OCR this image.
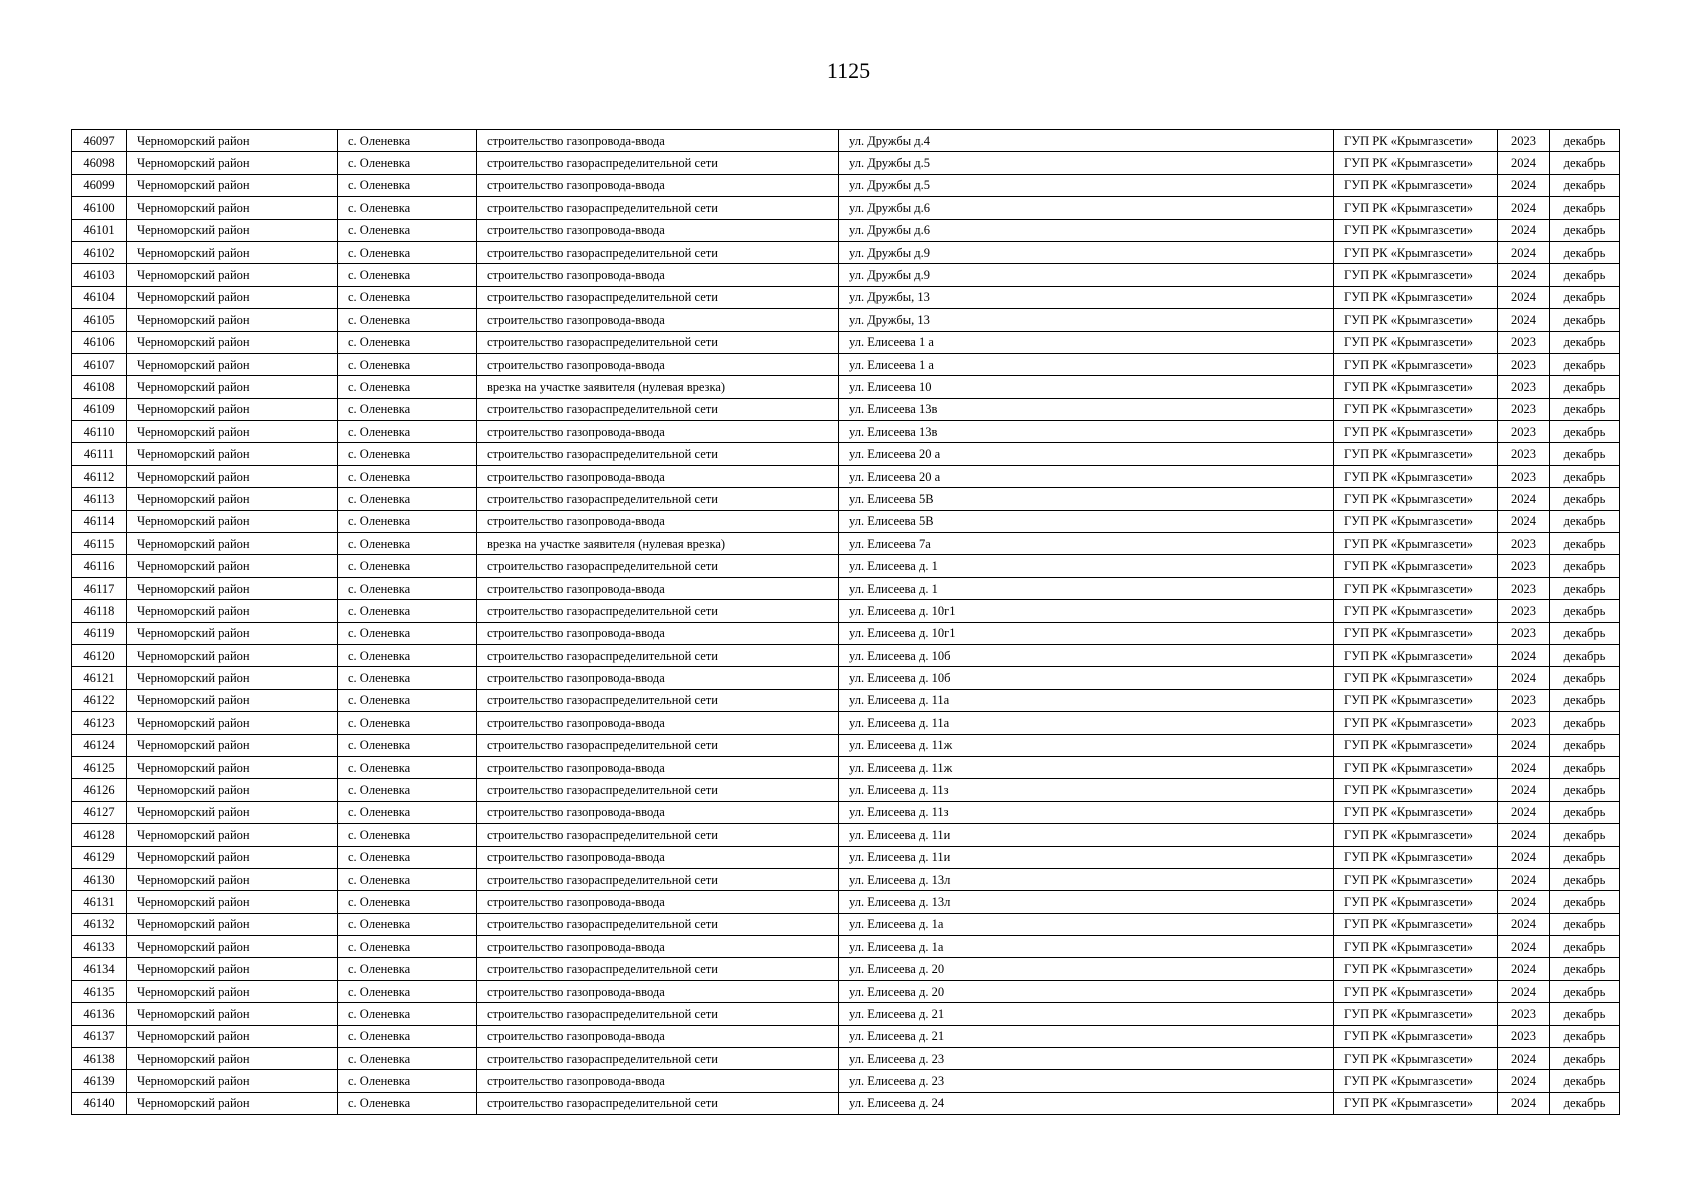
1125
46097	Черноморский район	с. Оленевка	строительство газопровода-ввода	ул. Дружбы д.4	ГУП РК «Крымгазсети»	2023	декабрь
46098	Черноморский район	с. Оленевка	строительство газораспределительной сети	ул. Дружбы д.5	ГУП РК «Крымгазсети»	2024	декабрь
46099	Черноморский район	с. Оленевка	строительство газопровода-ввода	ул. Дружбы д.5	ГУП РК «Крымгазсети»	2024	декабрь
46100	Черноморский район	с. Оленевка	строительство газораспределительной сети	ул. Дружбы д.6	ГУП РК «Крымгазсети»	2024	декабрь
46101	Черноморский район	с. Оленевка	строительство газопровода-ввода	ул. Дружбы д.6	ГУП РК «Крымгазсети»	2024	декабрь
46102	Черноморский район	с. Оленевка	строительство газораспределительной сети	ул. Дружбы д.9	ГУП РК «Крымгазсети»	2024	декабрь
46103	Черноморский район	с. Оленевка	строительство газопровода-ввода	ул. Дружбы д.9	ГУП РК «Крымгазсети»	2024	декабрь
46104	Черноморский район	с. Оленевка	строительство газораспределительной сети	ул. Дружбы, 13	ГУП РК «Крымгазсети»	2024	декабрь
46105	Черноморский район	с. Оленевка	строительство газопровода-ввода	ул. Дружбы, 13	ГУП РК «Крымгазсети»	2024	декабрь
46106	Черноморский район	с. Оленевка	строительство газораспределительной сети	ул. Елисеева 1 а	ГУП РК «Крымгазсети»	2023	декабрь
46107	Черноморский район	с. Оленевка	строительство газопровода-ввода	ул. Елисеева 1 а	ГУП РК «Крымгазсети»	2023	декабрь
46108	Черноморский район	с. Оленевка	врезка на участке заявителя (нулевая врезка)	ул. Елисеева 10	ГУП РК «Крымгазсети»	2023	декабрь
46109	Черноморский район	с. Оленевка	строительство газораспределительной сети	ул. Елисеева 13в	ГУП РК «Крымгазсети»	2023	декабрь
46110	Черноморский район	с. Оленевка	строительство газопровода-ввода	ул. Елисеева 13в	ГУП РК «Крымгазсети»	2023	декабрь
46111	Черноморский район	с. Оленевка	строительство газораспределительной сети	ул. Елисеева 20 а	ГУП РК «Крымгазсети»	2023	декабрь
46112	Черноморский район	с. Оленевка	строительство газопровода-ввода	ул. Елисеева 20 а	ГУП РК «Крымгазсети»	2023	декабрь
46113	Черноморский район	с. Оленевка	строительство газораспределительной сети	ул. Елисеева 5В	ГУП РК «Крымгазсети»	2024	декабрь
46114	Черноморский район	с. Оленевка	строительство газопровода-ввода	ул. Елисеева 5В	ГУП РК «Крымгазсети»	2024	декабрь
46115	Черноморский район	с. Оленевка	врезка на участке заявителя (нулевая врезка)	ул. Елисеева 7а	ГУП РК «Крымгазсети»	2023	декабрь
46116	Черноморский район	с. Оленевка	строительство газораспределительной сети	ул. Елисеева д. 1	ГУП РК «Крымгазсети»	2023	декабрь
46117	Черноморский район	с. Оленевка	строительство газопровода-ввода	ул. Елисеева д. 1	ГУП РК «Крымгазсети»	2023	декабрь
46118	Черноморский район	с. Оленевка	строительство газораспределительной сети	ул. Елисеева д. 10г1	ГУП РК «Крымгазсети»	2023	декабрь
46119	Черноморский район	с. Оленевка	строительство газопровода-ввода	ул. Елисеева д. 10г1	ГУП РК «Крымгазсети»	2023	декабрь
46120	Черноморский район	с. Оленевка	строительство газораспределительной сети	ул. Елисеева д. 10б	ГУП РК «Крымгазсети»	2024	декабрь
46121	Черноморский район	с. Оленевка	строительство газопровода-ввода	ул. Елисеева д. 10б	ГУП РК «Крымгазсети»	2024	декабрь
46122	Черноморский район	с. Оленевка	строительство газораспределительной сети	ул. Елисеева д. 11а	ГУП РК «Крымгазсети»	2023	декабрь
46123	Черноморский район	с. Оленевка	строительство газопровода-ввода	ул. Елисеева д. 11а	ГУП РК «Крымгазсети»	2023	декабрь
46124	Черноморский район	с. Оленевка	строительство газораспределительной сети	ул. Елисеева д. 11ж	ГУП РК «Крымгазсети»	2024	декабрь
46125	Черноморский район	с. Оленевка	строительство газопровода-ввода	ул. Елисеева д. 11ж	ГУП РК «Крымгазсети»	2024	декабрь
46126	Черноморский район	с. Оленевка	строительство газораспределительной сети	ул. Елисеева д. 11з	ГУП РК «Крымгазсети»	2024	декабрь
46127	Черноморский район	с. Оленевка	строительство газопровода-ввода	ул. Елисеева д. 11з	ГУП РК «Крымгазсети»	2024	декабрь
46128	Черноморский район	с. Оленевка	строительство газораспределительной сети	ул. Елисеева д. 11и	ГУП РК «Крымгазсети»	2024	декабрь
46129	Черноморский район	с. Оленевка	строительство газопровода-ввода	ул. Елисеева д. 11и	ГУП РК «Крымгазсети»	2024	декабрь
46130	Черноморский район	с. Оленевка	строительство газораспределительной сети	ул. Елисеева д. 13л	ГУП РК «Крымгазсети»	2024	декабрь
46131	Черноморский район	с. Оленевка	строительство газопровода-ввода	ул. Елисеева д. 13л	ГУП РК «Крымгазсети»	2024	декабрь
46132	Черноморский район	с. Оленевка	строительство газораспределительной сети	ул. Елисеева д. 1а	ГУП РК «Крымгазсети»	2024	декабрь
46133	Черноморский район	с. Оленевка	строительство газопровода-ввода	ул. Елисеева д. 1а	ГУП РК «Крымгазсети»	2024	декабрь
46134	Черноморский район	с. Оленевка	строительство газораспределительной сети	ул. Елисеева д. 20	ГУП РК «Крымгазсети»	2024	декабрь
46135	Черноморский район	с. Оленевка	строительство газопровода-ввода	ул. Елисеева д. 20	ГУП РК «Крымгазсети»	2024	декабрь
46136	Черноморский район	с. Оленевка	строительство газораспределительной сети	ул. Елисеева д. 21	ГУП РК «Крымгазсети»	2023	декабрь
46137	Черноморский район	с. Оленевка	строительство газопровода-ввода	ул. Елисеева д. 21	ГУП РК «Крымгазсети»	2023	декабрь
46138	Черноморский район	с. Оленевка	строительство газораспределительной сети	ул. Елисеева д. 23	ГУП РК «Крымгазсети»	2024	декабрь
46139	Черноморский район	с. Оленевка	строительство газопровода-ввода	ул. Елисеева д. 23	ГУП РК «Крымгазсети»	2024	декабрь
46140	Черноморский район	с. Оленевка	строительство газораспределительной сети	ул. Елисеева д. 24	ГУП РК «Крымгазсети»	2024	декабрь
